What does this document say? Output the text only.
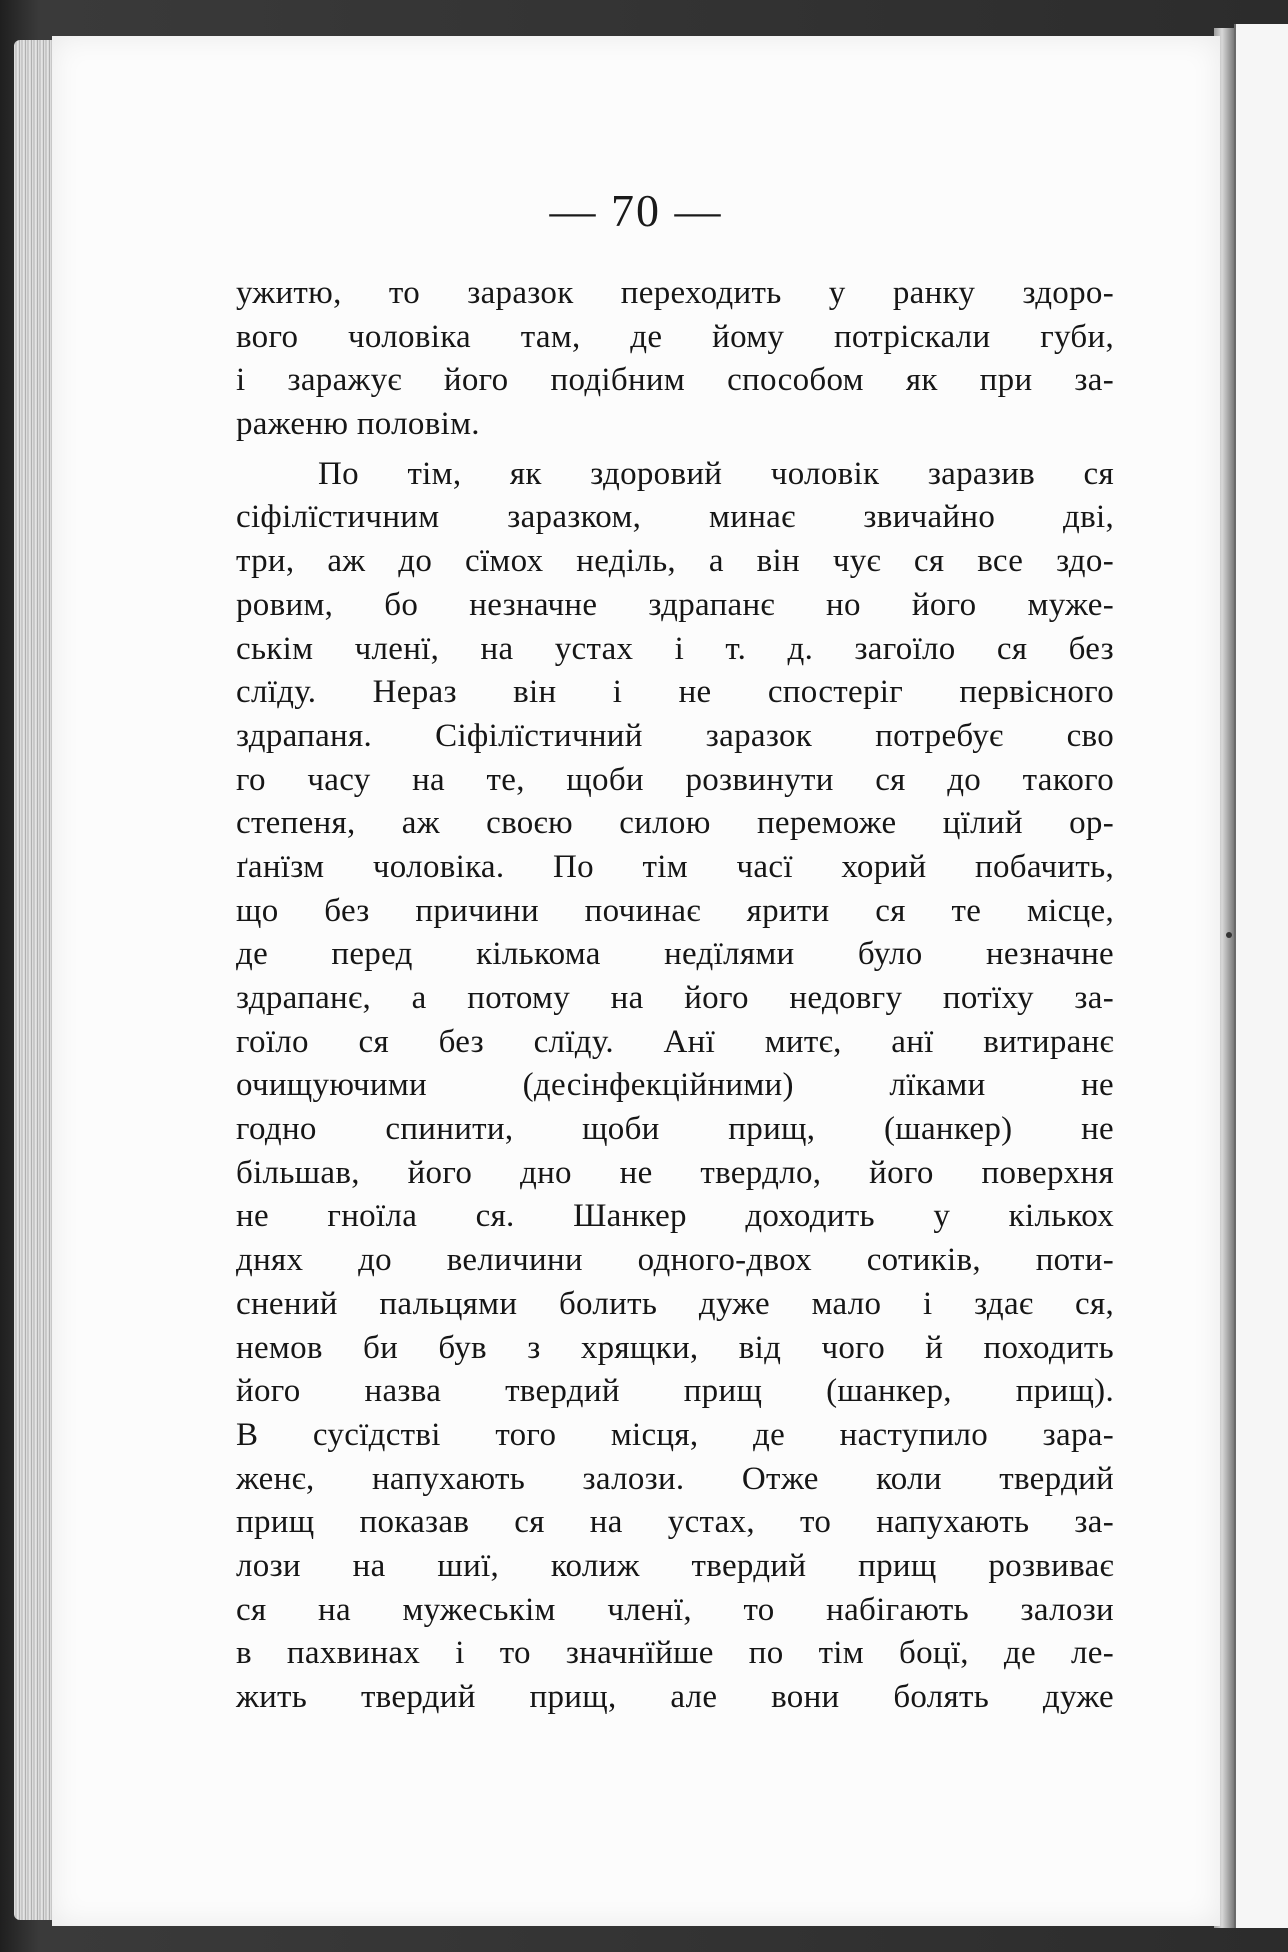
— 70 —
ужитю, то заразок переходить у ранку здоро-
вого чоловіка там, де йому потріскали губи,
і заражує його подібним способом як при за-
раженю половім.
По тім, як здоровий чоловік заразив ся
сіфілїстичним заразком, минає звичайно дві,
три, аж до сїмох неділь, а він чує ся все здо-
ровим, бо незначне здрапанє но його муже-
ськім членї, на устах і т. д. загоїло ся без
слїду. Нераз він і не спостеріг первісного
здрапаня. Сіфілїстичний заразок потребує сво
го часу на те, щоби розвинути ся до такого
степеня, аж своєю силою переможе цїлий ор-
ґанїзм чоловіка. По тім часї хорий побачить,
що без причини починає ярити ся те місце,
де перед кількома недїлями було незначне
здрапанє, а потому на його недовгу потїху за-
гоїло ся без слїду. Анї митє, анї витиранє
очищуючими (десінфекційними) лїками не
годно спинити, щоби прищ, (шанкер) не
більшав, його дно не твердло, його поверхня
не гноїла ся. Шанкер доходить у кількох
днях до величини одного-двох сотиків, поти-
снений пальцями болить дуже мало і здає ся,
немов би був з хрящки, від чого й походить
його назва твердий прищ (шанкер, прищ).
В сусїдстві того місця, де наступило зара-
женє, напухають залози. Отже коли твердий
прищ показав ся на устах, то напухають за-
лози на шиї, колиж твердий прищ розвиває
ся на мужеськім членї, то набігають залози
в пахвинах і то значнїйше по тім боцї, де ле-
жить твердий прищ, але вони болять дуже
